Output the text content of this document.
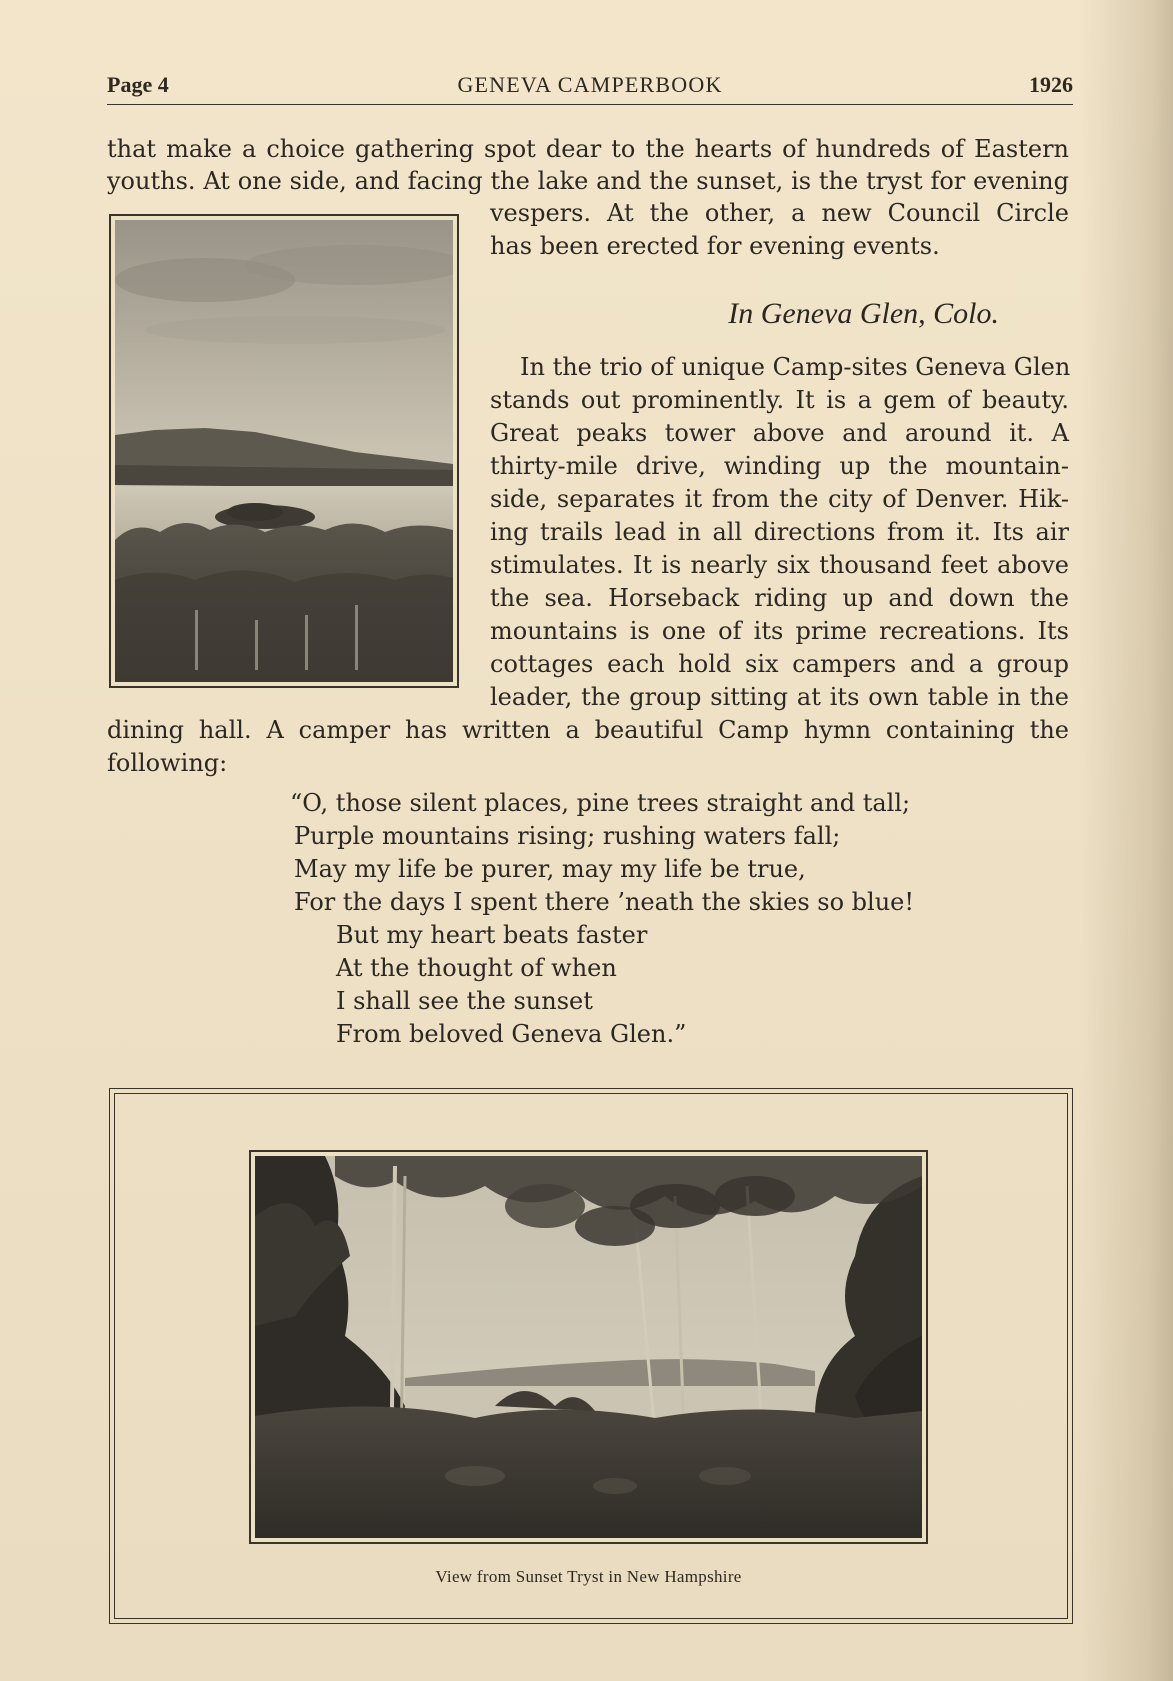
Page 4	GENEVA CAMPERBOOK	1926
that make a choice gathering spot dear to the hearts of hundreds of Eastern
youths. At one side, and facing the lake and the sunset, is the tryst for evening
vespers. At the other, a new Council Circle
has been erected for evening events.
In Geneva Glen, Colo.
In the trio of unique Camp-sites Geneva Glen
stands out prominently. It is a gem of beauty.
Great peaks tower above and around it. A
thirty-mile drive, winding up the mountain-
side, separates it from the city of Denver. Hik-
ing trails lead in all directions from it. Its air
stimulates. It is nearly six thousand feet above
the sea. Horseback riding up and down the
mountains is one of its prime recreations. Its
cottages each hold six campers and a group
leader, the group sitting at its own table in the
dining hall. A camper has written a beautiful Camp hymn containing the
following:
“O, those silent places, pine trees straight and tall;
Purple mountains rising; rushing waters fall;
May my life be purer, may my life be true,
For the days I spent there ’neath the skies so blue!
But my heart beats faster
At the thought of when
I shall see the sunset
From beloved Geneva Glen.”
View from Sunset Tryst in New Hampshire
